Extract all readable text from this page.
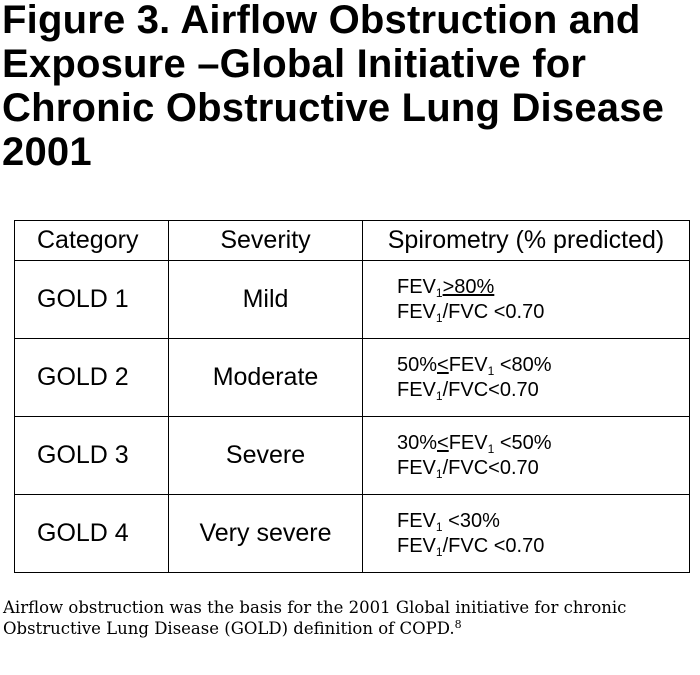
Figure 3. Airflow Obstruction and Exposure –Global Initiative for Chronic Obstructive Lung Disease 2001
Category	Severity	Spirometry (% predicted)
GOLD 1	Mild	$FEV_1>80\%$
$FEV_1$/FVC <0.70

GOLD 2	Moderate	$50\%<FEV_1 <80\%$
$FEV_1/FVC<0.70$

GOLD 3	Severe	$30\%<FEV_1 <50\%$
$FEV_1/FVC<0.70$

GOLD 4	Very severe	$FEV_1 <30\%$
$FEV_1$/FVC <0.70

Airflow obstruction was the basis for the 2001 Global initiative for chronic Obstructive Lung Disease (GOLD) definition of COPD.$^8$
